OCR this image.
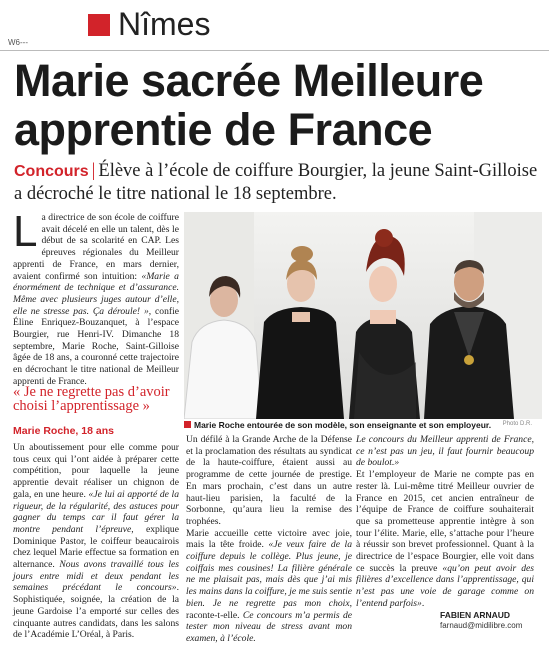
Nîmes
W6---
Marie sacrée Meilleure apprentie de France
Concours | Élève à l’école de coiffure Bourgier, la jeune Saint-Gilloise a décroché le titre national le 18 septembre.
La directrice de son école de coiffure avait décelé en elle un talent, dès le début de sa scolarité en CAP. Les épreuves régionales du Meilleur apprenti de France, en mars dernier, avaient confirmé son intuition: «Marie a énormément de technique et d’assurance. Même avec plusieurs juges autour d’elle, elle ne stresse pas. Ça déroule! », confie Éline Enriquez-Bouzanquet, à l’espace Bourgier, rue Henri-IV. Dimanche 18 septembre, Marie Roche, Saint-Gilloise âgée de 18 ans, a couronné cette trajectoire en décrochant le titre national de Meilleur apprenti de France.
« Je ne regrette pas d’avoir choisi l’apprentissage »
Marie Roche, 18 ans
Un aboutissement pour elle comme pour tous ceux qui l’ont aidée à préparer cette compétition, pour laquelle la jeune apprentie devait réaliser un chignon de gala, en une heure. «Je lui ai apporté de la rigueur, de la régularité, des astuces pour gagner du temps car il faut gérer la montre pendant l’épreuve, explique Dominique Pastor, le coiffeur beaucairois chez lequel Marie effectue sa formation en alternance. Nous avons travaillé tous les jours entre midi et deux pendant les semaines précédant le concours». Sophistiquée, soignée, la création de la jeune Gardoise l’a emporté sur celles des cinquante autres candidats, dans les salons de l’Académie L’Oréal, à Paris.
Marie Roche entourée de son modèle, son enseignante et son employeur. Photo D.R.

Un défilé à la Grande Arche de la Défense et la proclamation des résultats au syndicat de la haute-coiffure, étaient aussi au programme de cette journée de prestige. En mars prochain, c’est dans un autre haut-lieu parisien, la faculté de la Sorbonne, qu’aura lieu la remise des trophées.

Marie accueille cette victoire avec joie, mais la tête froide. «Je veux faire de la coiffure depuis le collège. Plus jeune, je coiffais mes cousines! La filière générale ne me plaisait pas, mais dès que j’ai mis les mains dans la coiffure, je me suis sentie bien. Je ne regrette pas mon choix, raconte-t-elle. Ce concours m’a permis de tester mon niveau de stress avant mon examen, à l’école.

Le concours du Meilleur apprenti de France, ce n’est pas un jeu, il faut fournir beaucoup de boulot.»

Et l’employeur de Marie ne compte pas en rester là. Lui-même titré Meilleur ouvrier de France en 2015, cet ancien entraîneur de l’équipe de France de coiffure souhaiterait que sa prometteuse apprentie intègre à son tour l’élite. Marie, elle, s’attache pour l’heure à réussir son brevet professionnel. Quant à la directrice de l’espace Bourgier, elle voit dans ce succès la preuve «qu’on peut avoir des filières d’excellence dans l’apprentissage, qui n’est pas une voie de garage comme on l’entend parfois».

FABIEN ARNAUD
farnaud@midilibre.com
